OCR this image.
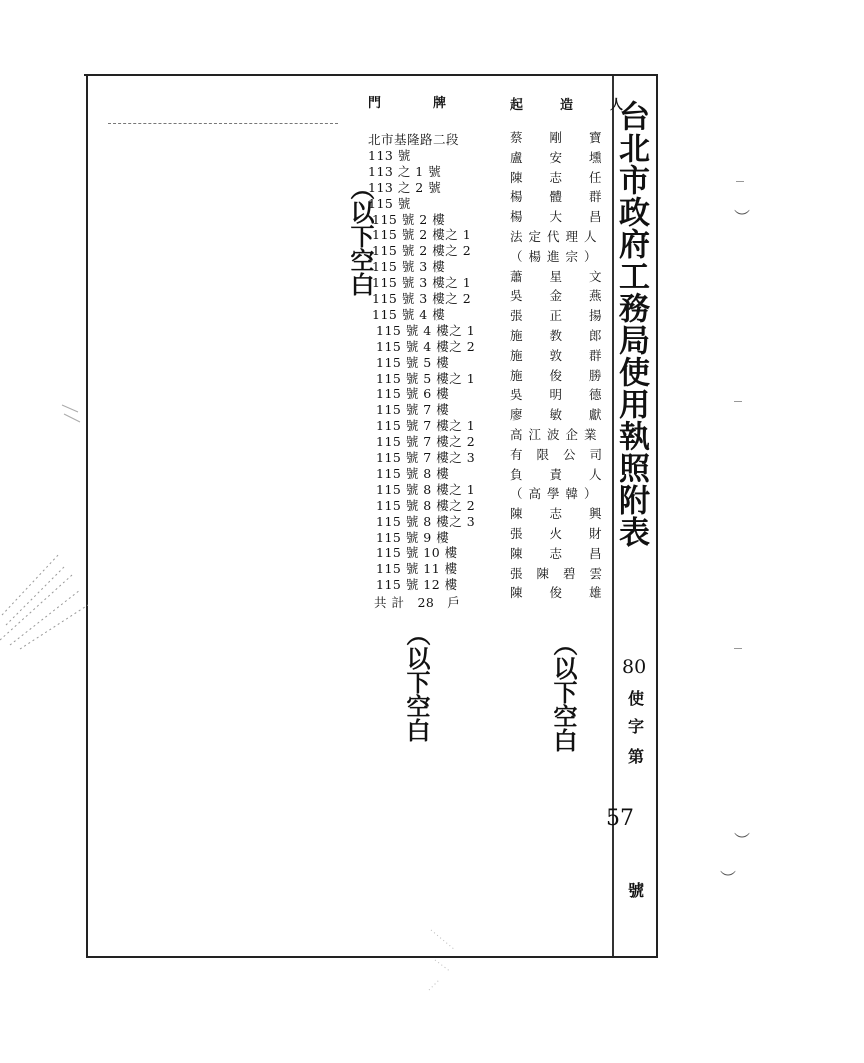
‾
︶
‾
‾
︶
︶
台北市政府工務局使用執照附表
80
使
字
第
57
號
門　　　　牌	起　造　人
北市基隆路二段
113 號
113 之 1 號
113 之 2 號
115 號
115 號 2 樓
115 號 2 樓之 1
115 號 2 樓之 2
115 號 3 樓
115 號 3 樓之 1
115 號 3 樓之 2
115 號 4 樓
115 號 4 樓之 1
115 號 4 樓之 2
115 號 5 樓
115 號 5 樓之 1
115 號 6 樓
115 號 7 樓
115 號 7 樓之 1
115 號 7 樓之 2
115 號 7 樓之 3
115 號 8 樓
115 號 8 樓之 1
115 號 8 樓之 2
115 號 8 樓之 3
115 號 9 樓
115 號 10 樓
115 號 11 樓
115 號 12 樓
共 計　28　戶
蔡剛寶
盧安壎
陳志任
楊體群
楊大昌
法定代理人
（楊進宗）
蕭星文
吳金燕
張正揚
施教郎
施敦群
施俊勝
吳明德
廖敏獻
高江波企業
有限公司
負責人
（高學韓）
陳志興
張火財
陳志昌
張陳碧雲
陳俊雄
（以下空白
（以下空白	（以下空白
